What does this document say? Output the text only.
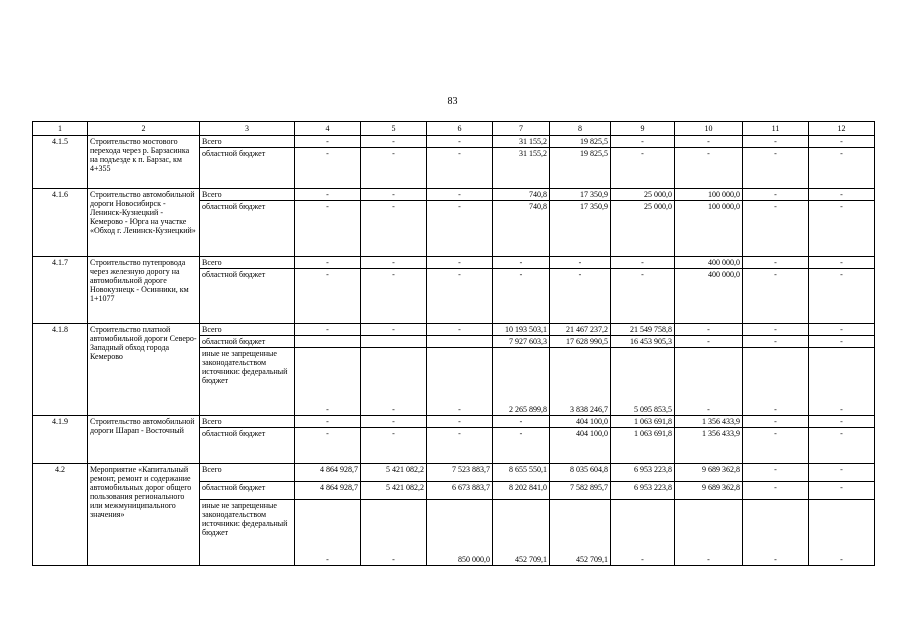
83
1	2	3	4	5	6	7	8	9	10	11	12
4.1.5	Строительство мостового перехода через р. Барзасинка на подъезде к п. Барзас, км 4+355	Всего	-	-	-	31 155,2	19 825,5	-	-	-	-
		областной бюджет	-	-	-	31 155,2	19 825,5	-	-	-	-
4.1.6	Строительство автомобильной дороги Новосибирск - Ленинск-Кузнецкий - Кемерово - Юрга на участке «Обход г. Ленинск-Кузнецкий»	Всего	-	-	-	740,8	17 350,9	25 000,0	100 000,0	-	-
		областной бюджет	-	-	-	740,8	17 350,9	25 000,0	100 000,0	-	-
4.1.7	Строительство путепровода через железную дорогу на автомобильной дороге Новокузнецк - Осинники, км 1+1077	Всего	-	-	-	-	-	-	400 000,0	-	-
		областной бюджет	-	-	-	-	-	-	400 000,0	-	-
4.1.8	Строительство платной автомобильной дороги Северо-Западный обход города Кемерово	Всего	-	-	-	10 193 503,1	21 467 237,2	21 549 758,8	-	-	-
		областной бюджет				7 927 603,3	17 628 990,5	16 453 905,3	-	-	-
		иные не запрещенные законодательством источники: федеральный бюджет	-	-	-	2 265 899,8	3 838 246,7	5 095 853,5	-	-	-
4.1.9	Строительство автомобильной дороги Шарап - Восточный	Всего	-	-	-	-	404 100,0	1 063 691,8	1 356 433,9	-	-
		областной бюджет	-	-	-	-	404 100,0	1 063 691,8	1 356 433,9	-	-
4.2	Мероприятие «Капитальный ремонт, ремонт и содержание автомобильных дорог общего пользования регионального или межмуниципального значения»	Всего	4 864 928,7	5 421 082,2	7 523 883,7	8 655 550,1	8 035 604,8	6 953 223,8	9 689 362,8	-	-
		областной бюджет	4 864 928,7	5 421 082,2	6 673 883,7	8 202 841,0	7 582 895,7	6 953 223,8	9 689 362,8	-	-
		иные не запрещенные законодательством источники: федеральный бюджет	-	-	850 000,0	452 709,1	452 709,1	-	-	-	-
